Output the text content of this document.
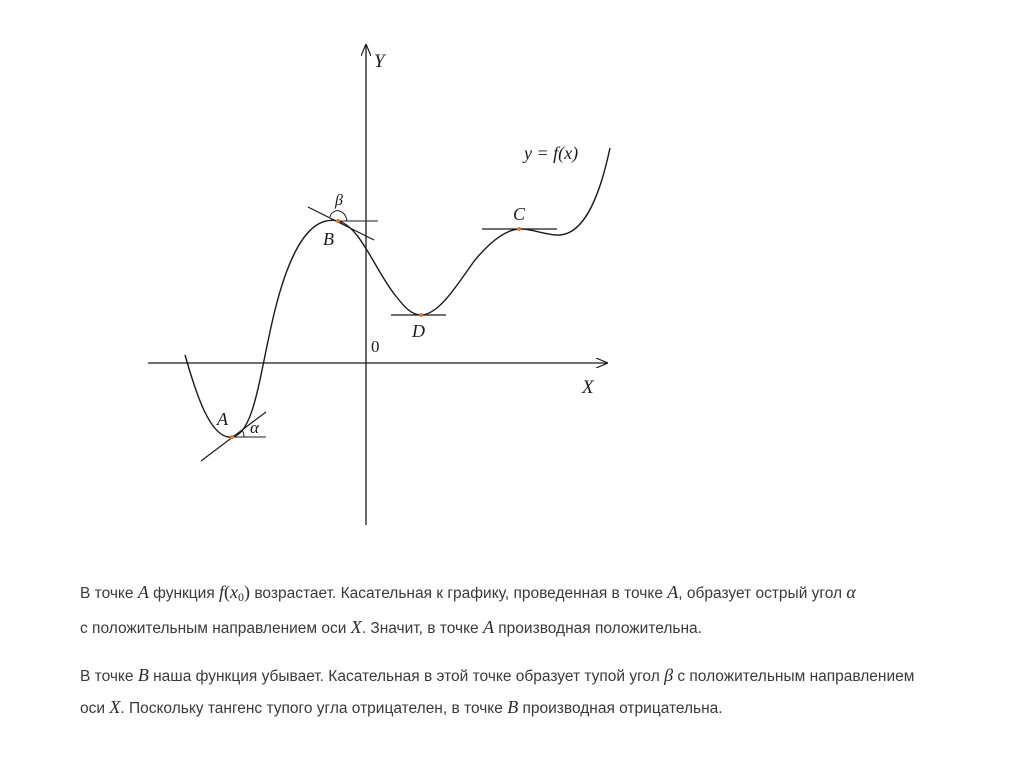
Y
X
0
y = f(x)
A
B
C
D
α
β
В точке A функция $f(x_0)$ возрастает. Касательная к графику, проведенная в точке A, образует острый угол α
с положительным направлением оси X. Значит, в точке A производная положительна.
В точке B наша функция убывает. Касательная в этой точке образует тупой угол β с положительным направлением
оси X. Поскольку тангенс тупого угла отрицателен, в точке B производная отрицательна.
